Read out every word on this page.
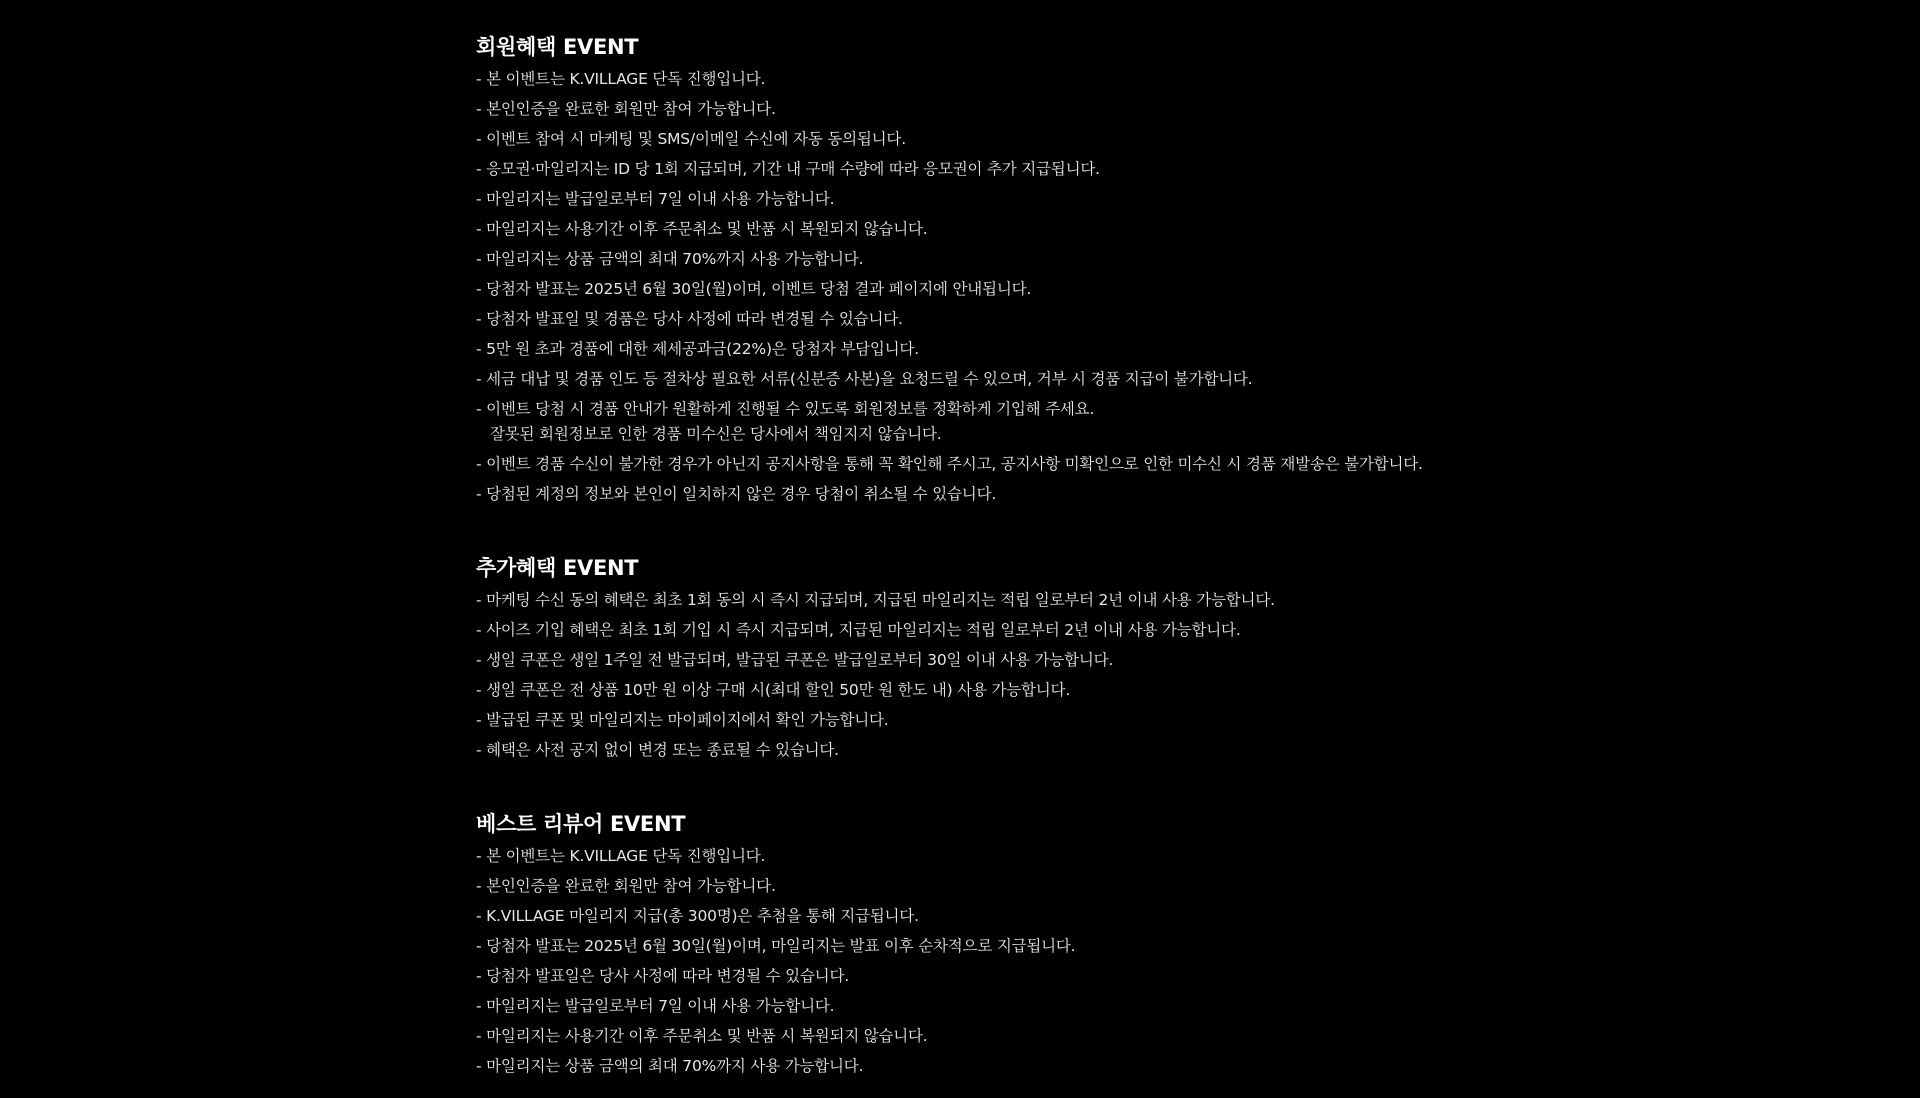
회원혜택 EVENT
- 본 이벤트는 K.VILLAGE 단독 진행입니다.
- 본인인증을 완료한 회원만 참여 가능합니다.
- 이벤트 참여 시 마케팅 및 SMS/이메일 수신에 자동 동의됩니다.
- 응모권·마일리지는 ID 당 1회 지급되며, 기간 내 구매 수량에 따라 응모권이 추가 지급됩니다.
- 마일리지는 발급일로부터 7일 이내 사용 가능합니다.
- 마일리지는 사용기간 이후 주문취소 및 반품 시 복원되지 않습니다.
- 마일리지는 상품 금액의 최대 70%까지 사용 가능합니다.
- 당첨자 발표는 2025년 6월 30일(월)이며, 이벤트 당첨 결과 페이지에 안내됩니다.
- 당첨자 발표일 및 경품은 당사 사정에 따라 변경될 수 있습니다.
- 5만 원 초과 경품에 대한 제세공과금(22%)은 당첨자 부담입니다.
- 세금 대납 및 경품 인도 등 절차상 필요한 서류(신분증 사본)을 요청드릴 수 있으며, 거부 시 경품 지급이 불가합니다.
- 이벤트 당첨 시 경품 안내가 원활하게 진행될 수 있도록 회원정보를 정확하게 기입해 주세요.
잘못된 회원정보로 인한 경품 미수신은 당사에서 책임지지 않습니다.
- 이벤트 경품 수신이 불가한 경우가 아닌지 공지사항을 통해 꼭 확인해 주시고, 공지사항 미확인으로 인한 미수신 시 경품 재발송은 불가합니다.
- 당첨된 계정의 정보와 본인이 일치하지 않은 경우 당첨이 취소될 수 있습니다.
추가혜택 EVENT
- 마케팅 수신 동의 혜택은 최초 1회 동의 시 즉시 지급되며, 지급된 마일리지는 적립 일로부터 2년 이내 사용 가능합니다.
- 사이즈 기입 혜택은 최초 1회 기입 시 즉시 지급되며, 지급된 마일리지는 적립 일로부터 2년 이내 사용 가능합니다.
- 생일 쿠폰은 생일 1주일 전 발급되며, 발급된 쿠폰은 발급일로부터 30일 이내 사용 가능합니다.
- 생일 쿠폰은 전 상품 10만 원 이상 구매 시(최대 할인 50만 원 한도 내) 사용 가능합니다.
- 발급된 쿠폰 및 마일리지는 마이페이지에서 확인 가능합니다.
- 혜택은 사전 공지 없이 변경 또는 종료될 수 있습니다.
베스트 리뷰어 EVENT
- 본 이벤트는 K.VILLAGE 단독 진행입니다.
- 본인인증을 완료한 회원만 참여 가능합니다.
- K.VILLAGE 마일리지 지급(총 300명)은 추첨을 통해 지급됩니다.
- 당첨자 발표는 2025년 6월 30일(월)이며, 마일리지는 발표 이후 순차적으로 지급됩니다.
- 당첨자 발표일은 당사 사정에 따라 변경될 수 있습니다.
- 마일리지는 발급일로부터 7일 이내 사용 가능합니다.
- 마일리지는 사용기간 이후 주문취소 및 반품 시 복원되지 않습니다.
- 마일리지는 상품 금액의 최대 70%까지 사용 가능합니다.
